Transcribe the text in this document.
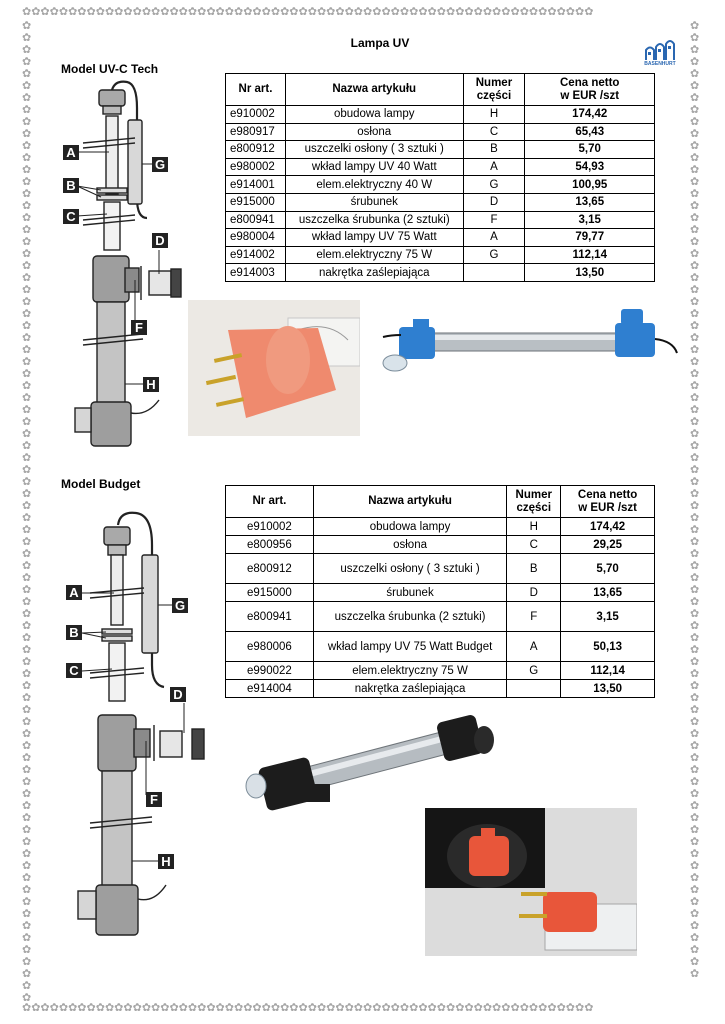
✿✿✿✿✿✿✿✿✿✿✿✿✿✿✿✿✿✿✿✿✿✿✿✿✿✿✿✿✿✿✿✿✿✿✿✿✿✿✿✿✿✿✿✿✿✿✿✿✿✿✿✿✿✿✿✿✿✿✿✿✿✿
✿✿✿✿✿✿✿✿✿✿✿✿✿✿✿✿✿✿✿✿✿✿✿✿✿✿✿✿✿✿✿✿✿✿✿✿✿✿✿✿✿✿✿✿✿✿✿✿✿✿✿✿✿✿✿✿✿✿✿✿✿✿
✿✿✿✿✿✿✿✿✿✿✿✿✿✿✿✿✿✿✿✿✿✿✿✿✿✿✿✿✿✿✿✿✿✿✿✿✿✿✿✿✿✿✿✿✿✿✿✿✿✿✿✿✿✿✿✿✿✿✿✿✿✿✿✿✿✿✿✿✿✿✿✿✿✿✿✿✿✿✿✿✿✿
✿✿✿✿✿✿✿✿✿✿✿✿✿✿✿✿✿✿✿✿✿✿✿✿✿✿✿✿✿✿✿✿✿✿✿✿✿✿✿✿✿✿✿✿✿✿✿✿✿✿✿✿✿✿✿✿✿✿✿✿✿✿✿✿✿✿✿✿✿✿✿✿✿✿✿✿✿✿✿✿
Lampa UV
BASENHURT
Model UV-C Tech
Nr art.	Nazwa artykułu	Numer
części	Cena netto
w EUR /szt
e910002	obudowa lampy	H	174,42
e980917	osłona	C	65,43
e800912	uszczelki osłony ( 3 sztuki )	B	5,70
e980002	wkład lampy UV 40 Watt	A	54,93
e914001	elem.elektryczny 40 W	G	100,95
e915000	śrubunek	D	13,65
e800941	uszczelka śrubunka (2 sztuki)	F	3,15
e980004	wkład lampy UV 75 Watt	A	79,77
e914002	elem.elektryczny 75 W	G	112,14
e914003	nakrętka zaślepiająca		13,50
A
B
C
D
F
G
H
Model Budget
Nr art.	Nazwa artykułu	Numer
części	Cena netto
w EUR /szt
e910002	obudowa lampy	H	174,42
e800956	osłona	C	29,25
e800912	uszczelki osłony ( 3 sztuki )	B	5,70
e915000	śrubunek	D	13,65
e800941	uszczelka śrubunka (2 sztuki)	F	3,15
e980006	wkład lampy UV 75 Watt Budget	A	50,13
e990022	elem.elektryczny 75 W	G	112,14
e914004	nakrętka zaślepiająca		13,50
A
B
C
D
F
G
H
